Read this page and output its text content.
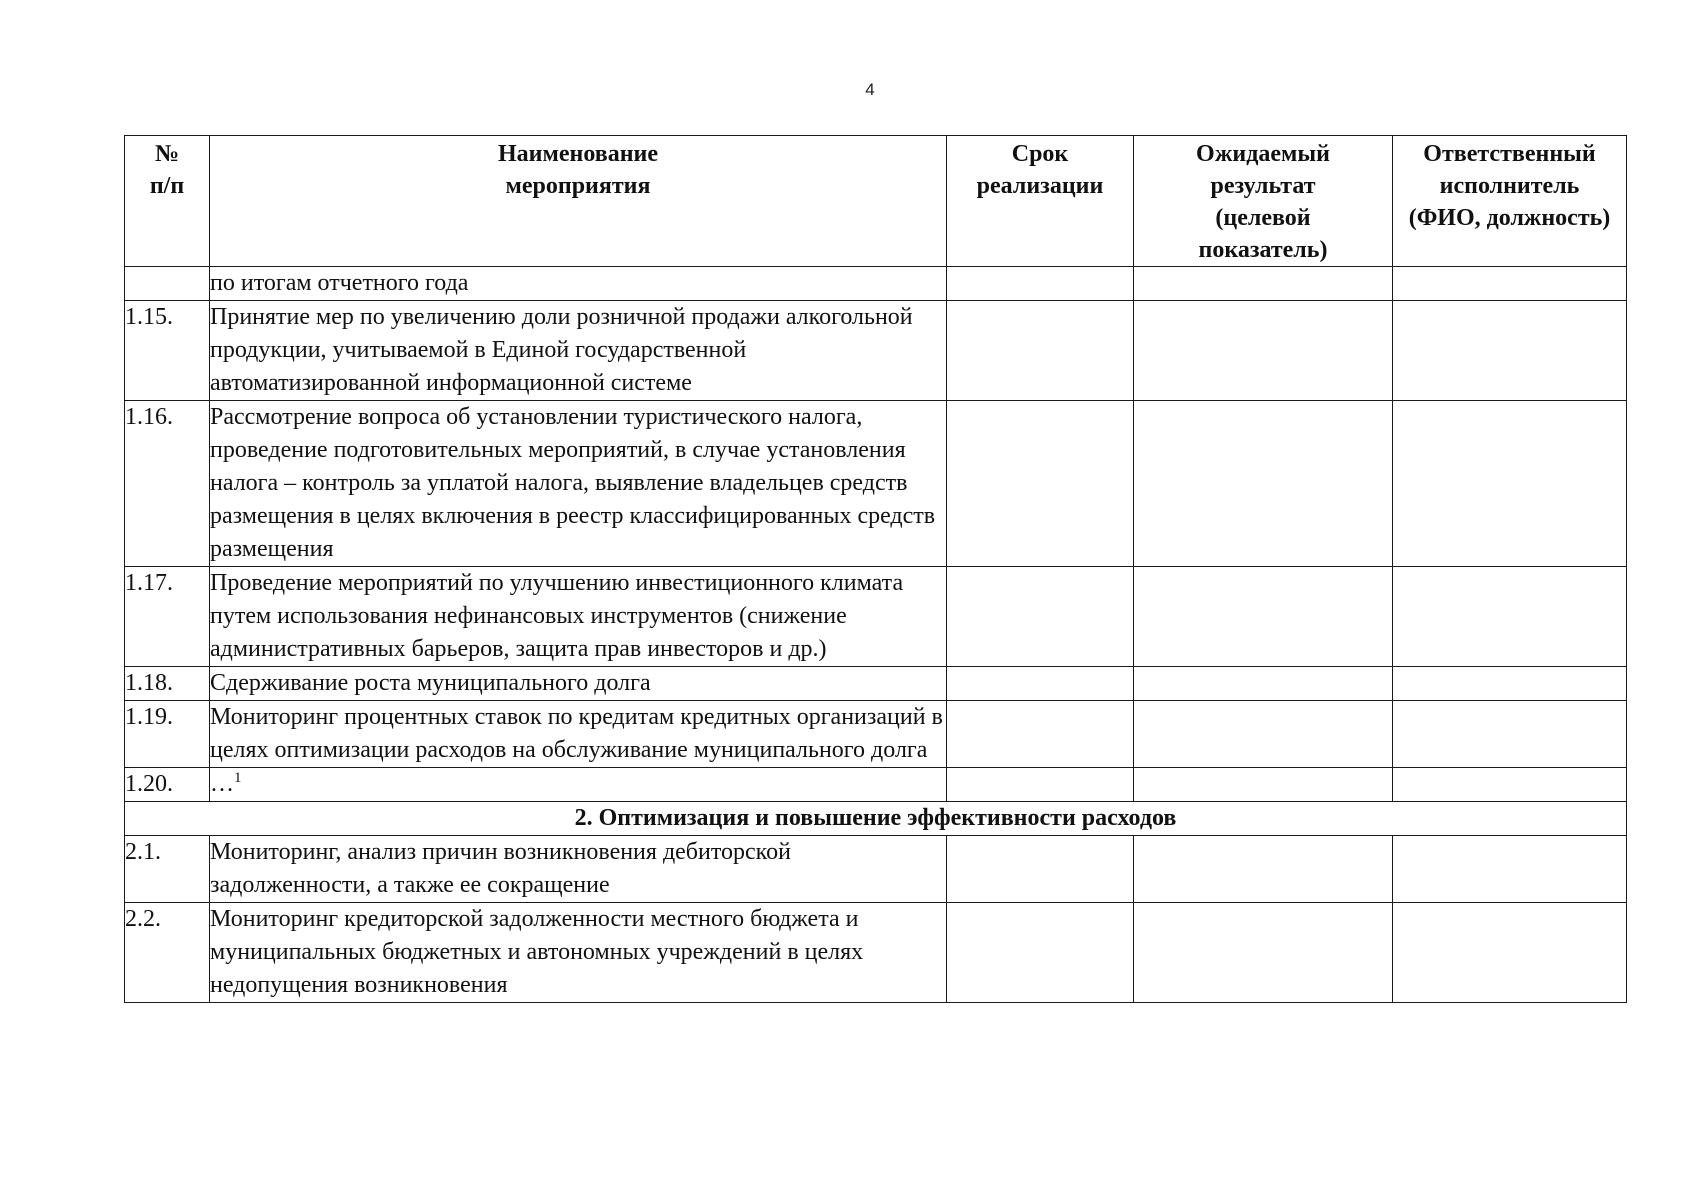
4
№ п/п	Наименование мероприятия	Срок реализации	Ожидаемый результат (целевой показатель)	Ответственный исполнитель (ФИО, должность)

	по итогам отчетного года			
1.15.	Принятие мер по увеличению доли розничной продажи алкогольной продукции, учитываемой в Единой государственной автоматизированной информационной системе			
1.16.	Рассмотрение вопроса об установлении туристического налога, проведение подготовительных мероприятий, в случае установления налога – контроль за уплатой налога, выявление владельцев средств размещения в целях включения в реестр классифицированных средств размещения			
1.17.	Проведение мероприятий по улучшению инвестиционного климата путем использования нефинансовых инструментов (снижение административных барьеров, защита прав инвесторов и др.)			
1.18.	Сдерживание роста муниципального долга			
1.19.	Мониторинг процентных ставок по кредитам кредитных организаций в целях оптимизации расходов на обслуживание муниципального долга			
1.20.	…$^1$			
2. Оптимизация и повышение эффективности расходов				
2.1.	Мониторинг, анализ причин возникновения дебиторской задолженности, а также ее сокращение			
2.2.	Мониторинг кредиторской задолженности местного бюджета и муниципальных бюджетных и автономных учреждений в целях недопущения возникновения			
